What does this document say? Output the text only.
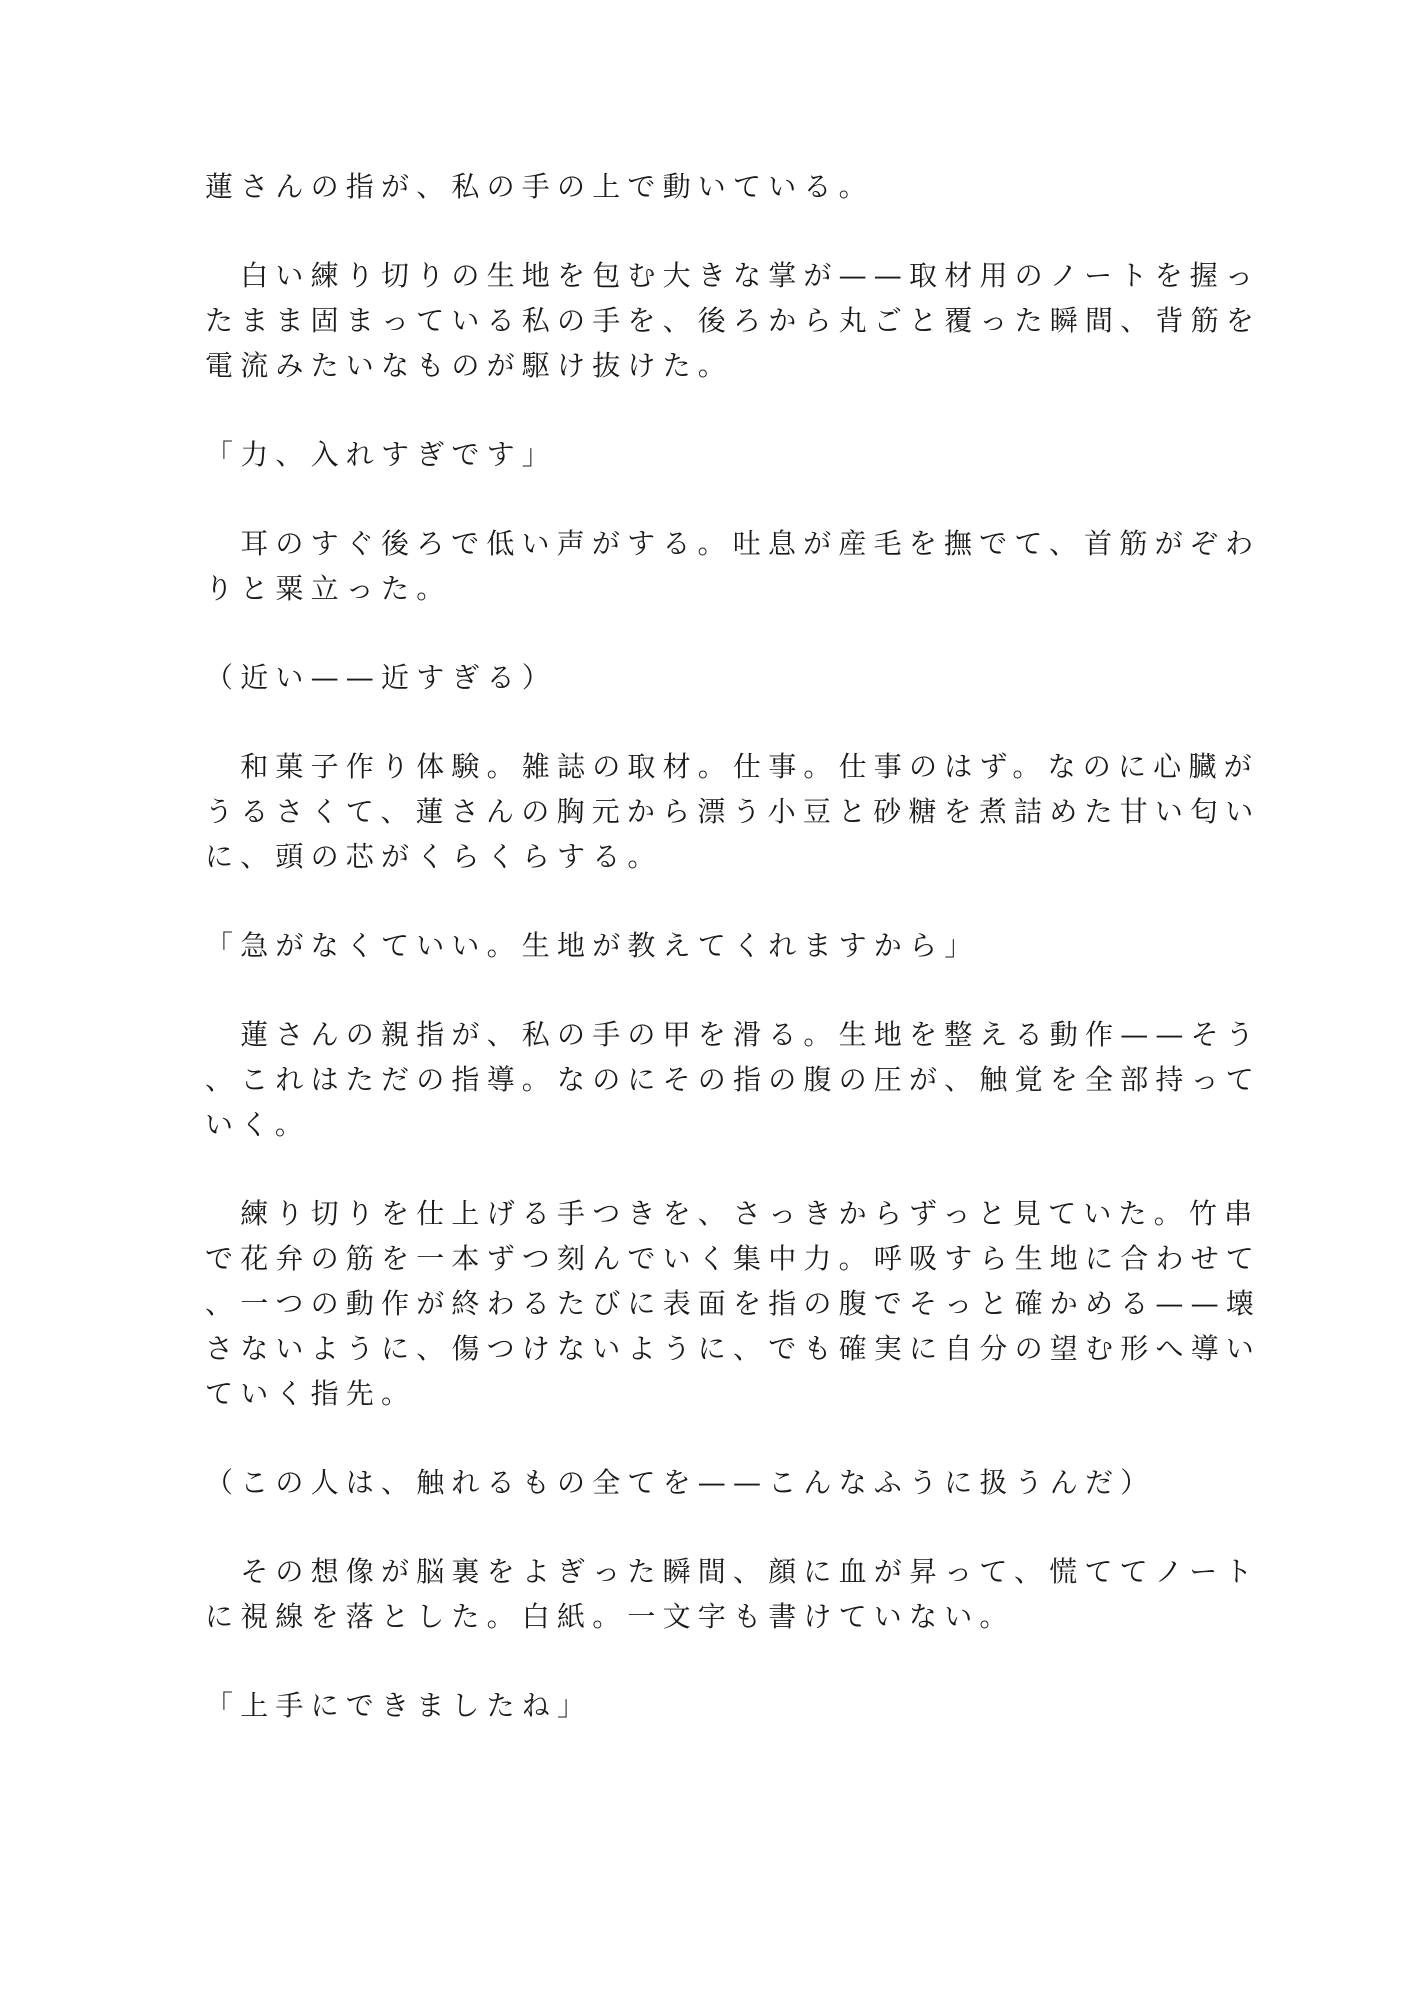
蓮さんの指が、私の手の上で動いている。
　白い練り切りの生地を包む大きな掌が——取材用のノートを握っ
たまま固まっている私の手を、後ろから丸ごと覆った瞬間、背筋を
電流みたいなものが駆け抜けた。
「力、入れすぎです」
　耳のすぐ後ろで低い声がする。吐息が産毛を撫でて、首筋がぞわ
りと粟立った。
（近い——近すぎる）
　和菓子作り体験。雑誌の取材。仕事。仕事のはず。なのに心臓が
うるさくて、蓮さんの胸元から漂う小豆と砂糖を煮詰めた甘い匂い
に、頭の芯がくらくらする。
「急がなくていい。生地が教えてくれますから」
　蓮さんの親指が、私の手の甲を滑る。生地を整える動作——そう
、これはただの指導。なのにその指の腹の圧が、触覚を全部持って
いく。
　練り切りを仕上げる手つきを、さっきからずっと見ていた。竹串
で花弁の筋を一本ずつ刻んでいく集中力。呼吸すら生地に合わせて
、一つの動作が終わるたびに表面を指の腹でそっと確かめる——壊
さないように、傷つけないように、でも確実に自分の望む形へ導い
ていく指先。
（この人は、触れるもの全てを——こんなふうに扱うんだ）
　その想像が脳裏をよぎった瞬間、顔に血が昇って、慌ててノート
に視線を落とした。白紙。一文字も書けていない。
「上手にできましたね」
